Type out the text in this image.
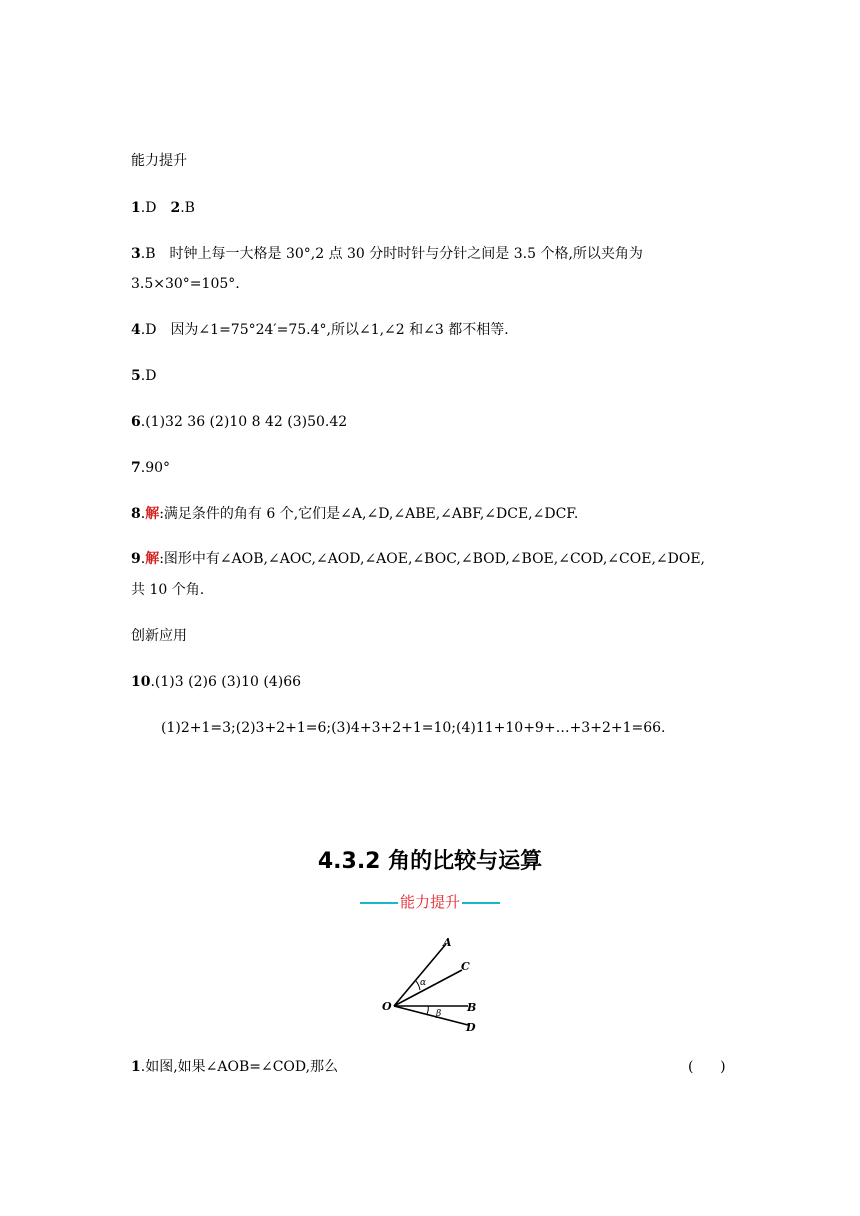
能力提升
1.D 2.B
3.B 时钟上每一大格是 30°,2 点 30 分时时针与分针之间是 3.5 个格,所以夹角为
3.5×30°=105°.
4.D 因为∠1=75°24′=75.4°,所以∠1,∠2 和∠3 都不相等.
5.D
6.(1)32 36 (2)10 8 42 (3)50.42
7.90°
8.解:满足条件的角有 6 个,它们是∠A,∠D,∠ABE,∠ABF,∠DCE,∠DCF.
9.解:图形中有∠AOB,∠AOC,∠AOD,∠AOE,∠BOC,∠BOD,∠BOE,∠COD,∠COE,∠DOE,
共 10 个角.
创新应用
10.(1)3 (2)6 (3)10 (4)66
(1)2+1=3;(2)3+2+1=6;(3)4+3+2+1=10;(4)11+10+9+…+3+2+1=66.
4.3.2 角的比较与运算
能力提升
A
C
B
D
O
α
β
1.如图,如果∠AOB=∠COD,那么	(      )
